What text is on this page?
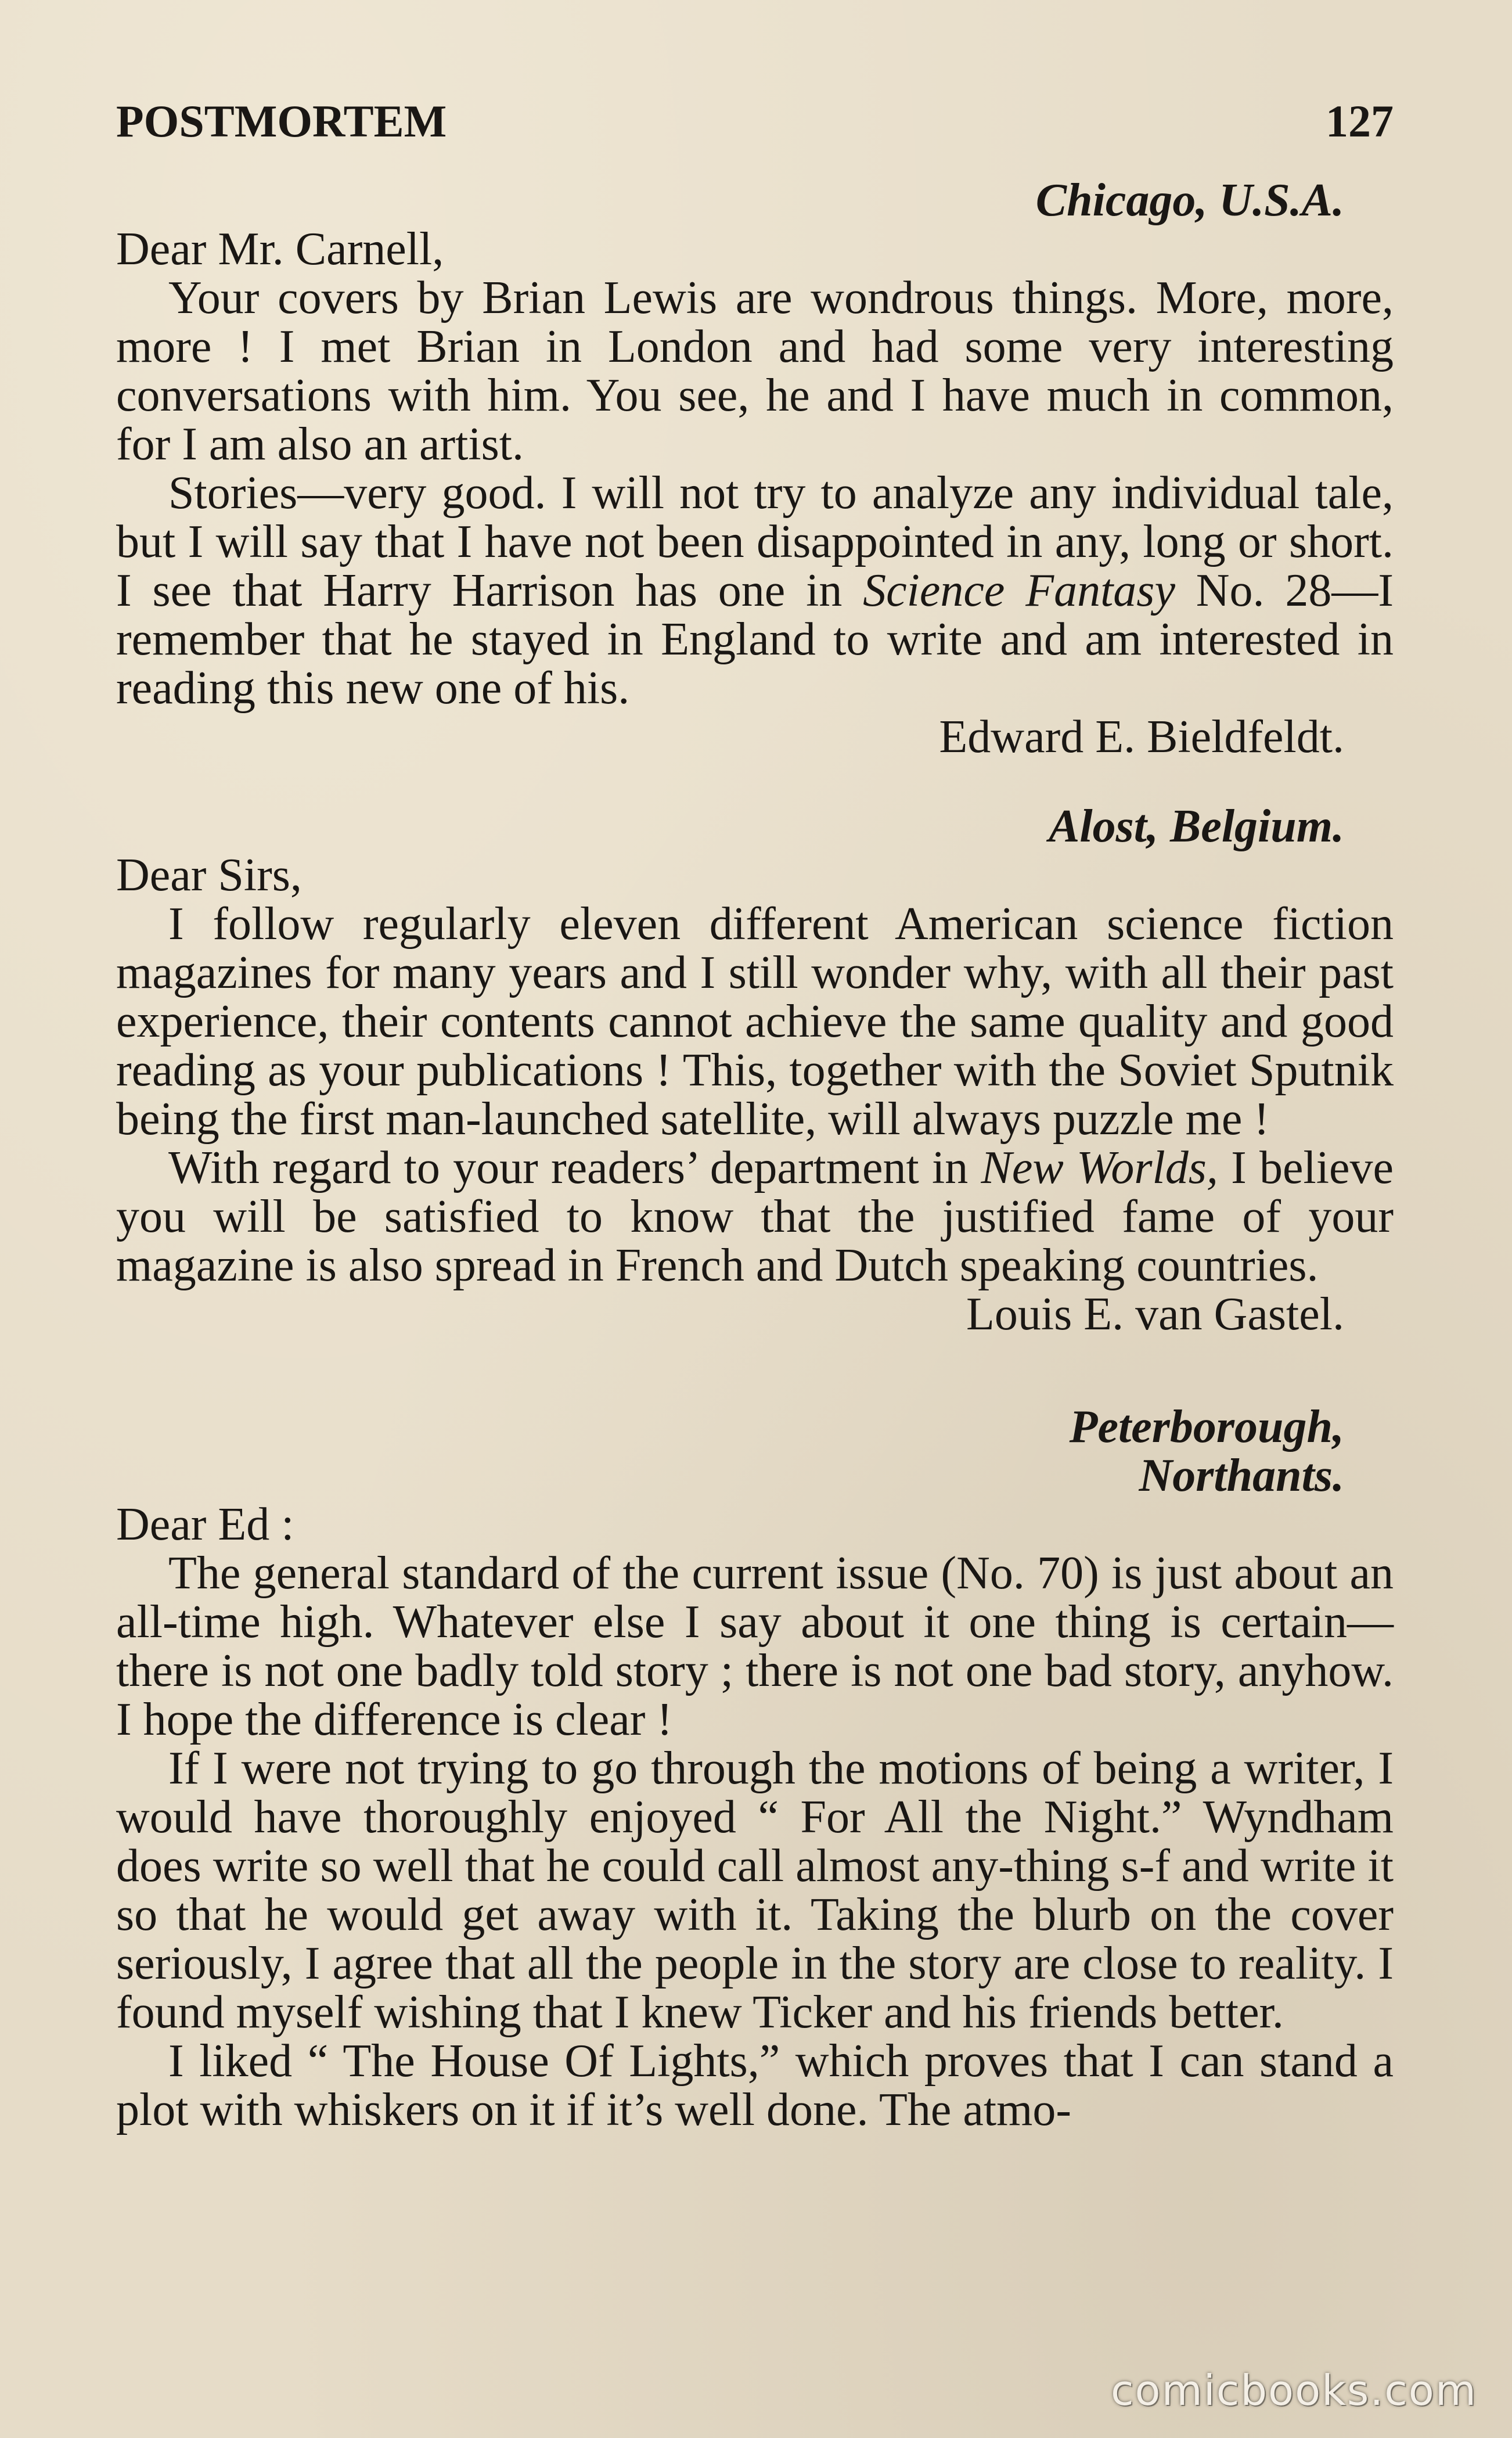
POSTMORTEM	127
Chicago, U.S.A.
Dear Mr. Carnell,

Your covers by Brian Lewis are wondrous things. More, more, more ! I met Brian in London and had some very interesting conversations with him. You see, he and I have much in common, for I am also an artist.

Stories—very good. I will not try to analyze any individual tale, but I will say that I have not been disappointed in any, long or short. I see that Harry Harrison has one in Science Fantasy No. 28—I remember that he stayed in England to write and am interested in reading this new one of his.

Edward E. Bieldfeldt.
Alost, Belgium.
Dear Sirs,

I follow regularly eleven different American science fiction magazines for many years and I still wonder why, with all their past experience, their contents cannot achieve the same quality and good reading as your publications ! This, together with the Soviet Sputnik being the first man-launched satellite, will always puzzle me !

With regard to your readers’ department in New Worlds, I believe you will be satisfied to know that the justified fame of your magazine is also spread in French and Dutch speaking countries.

Louis E. van Gastel.
Peterborough,
Northants.
Dear Ed :

The general standard of the current issue (No. 70) is just about an all-time high. Whatever else I say about it one thing is certain—there is not one badly told story ; there is not one bad story, anyhow. I hope the difference is clear !

If I were not trying to go through the motions of being a writer, I would have thoroughly enjoyed “ For All the Night.” Wyndham does write so well that he could call almost any-thing s-f and write it so that he would get away with it. Taking the blurb on the cover seriously, I agree that all the people in the story are close to reality. I found myself wishing that I knew Ticker and his friends better.

I liked “ The House Of Lights,” which proves that I can stand a plot with whiskers on it if it’s well done. The atmo-

comicbooks.com
